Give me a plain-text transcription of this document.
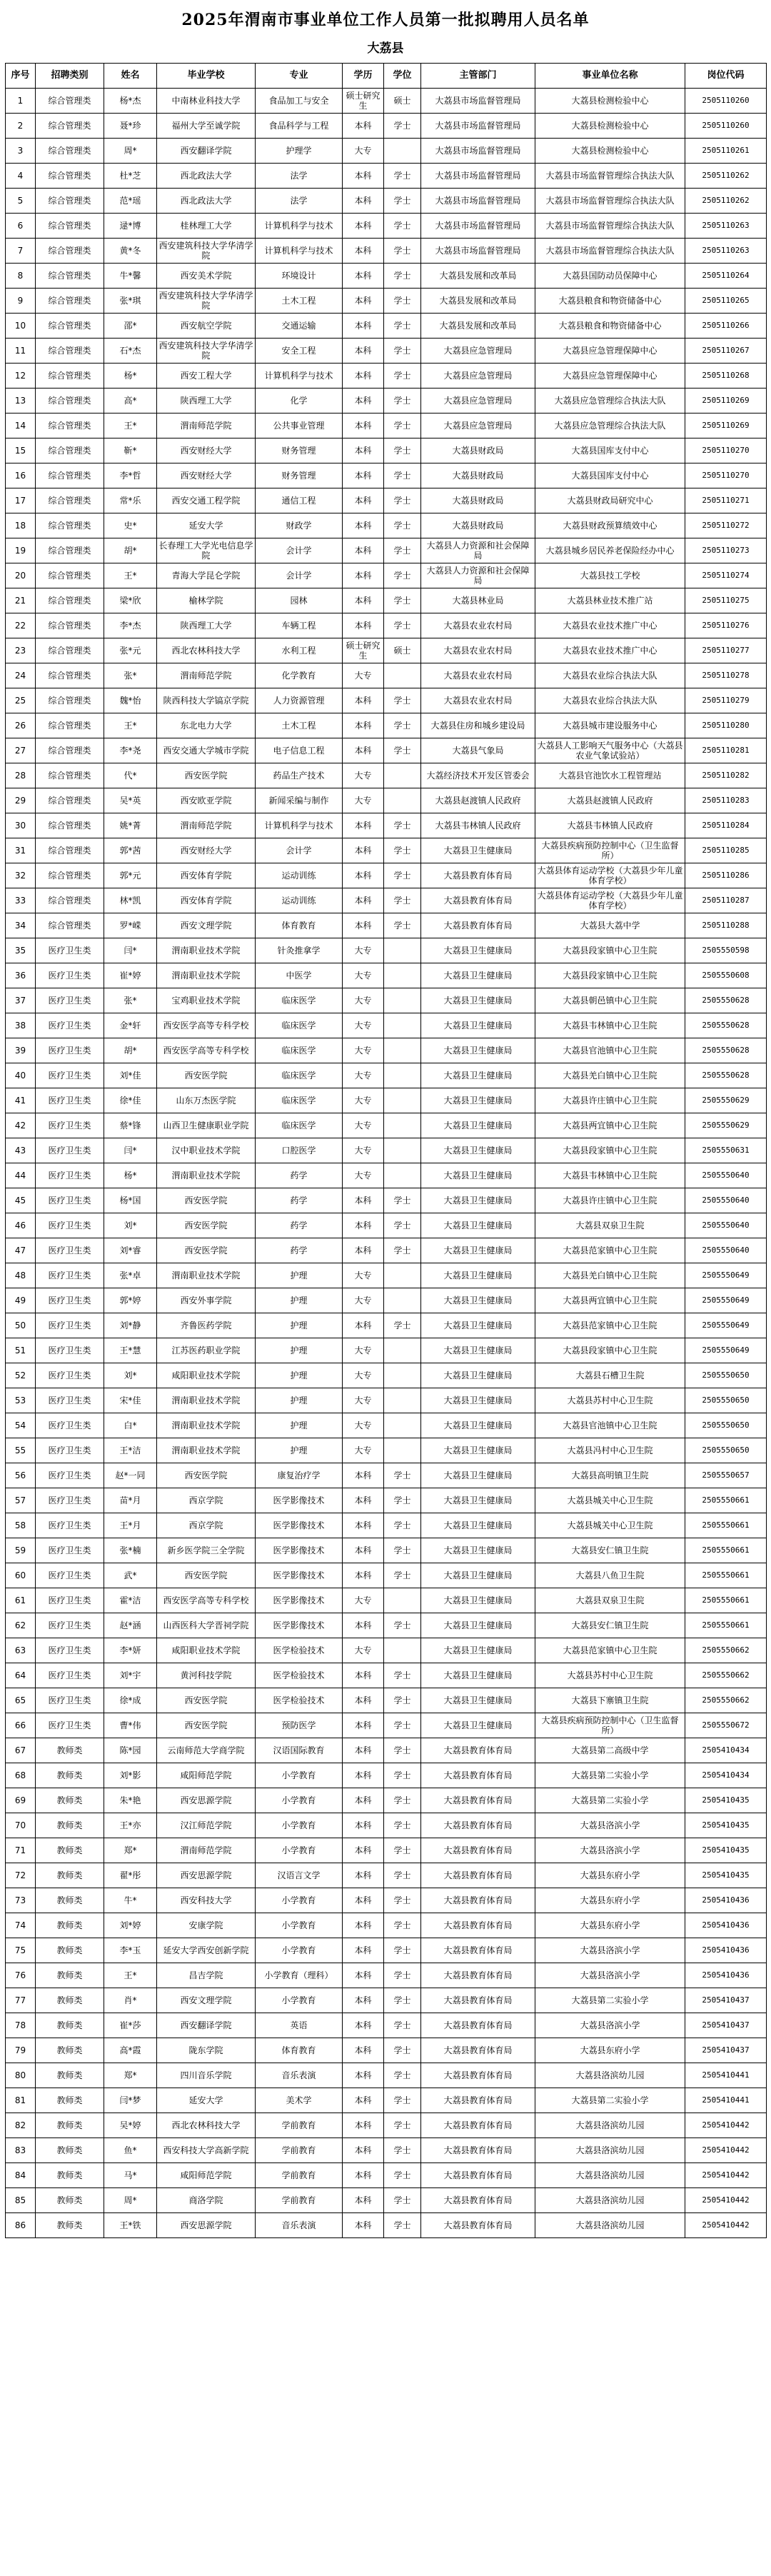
2025年渭南市事业单位工作人员第一批拟聘用人员名单
大荔县
序号	招聘类别	姓名	毕业学校	专业	学历	学位	主管部门	事业单位名称	岗位代码
1	综合管理类	杨*杰	中南林业科技大学	食品加工与安全	硕士研究生	硕士	大荔县市场监督管理局	大荔县检测检验中心	2505110260
2	综合管理类	聂*珍	福州大学至诚学院	食品科学与工程	本科	学士	大荔县市场监督管理局	大荔县检测检验中心	2505110260
3	综合管理类	周*	西安翻译学院	护理学	大专		大荔县市场监督管理局	大荔县检测检验中心	2505110261
4	综合管理类	杜*芝	西北政法大学	法学	本科	学士	大荔县市场监督管理局	大荔县市场监督管理综合执法大队	2505110262
5	综合管理类	范*瑶	西北政法大学	法学	本科	学士	大荔县市场监督管理局	大荔县市场监督管理综合执法大队	2505110262
6	综合管理类	逯*博	桂林理工大学	计算机科学与技术	本科	学士	大荔县市场监督管理局	大荔县市场监督管理综合执法大队	2505110263
7	综合管理类	黄*冬	西安建筑科技大学华清学院	计算机科学与技术	本科	学士	大荔县市场监督管理局	大荔县市场监督管理综合执法大队	2505110263
8	综合管理类	牛*馨	西安美术学院	环境设计	本科	学士	大荔县发展和改革局	大荔县国防动员保障中心	2505110264
9	综合管理类	张*琪	西安建筑科技大学华清学院	土木工程	本科	学士	大荔县发展和改革局	大荔县粮食和物资储备中心	2505110265
10	综合管理类	邵*	西安航空学院	交通运输	本科	学士	大荔县发展和改革局	大荔县粮食和物资储备中心	2505110266
11	综合管理类	石*杰	西安建筑科技大学华清学院	安全工程	本科	学士	大荔县应急管理局	大荔县应急管理保障中心	2505110267
12	综合管理类	杨*	西安工程大学	计算机科学与技术	本科	学士	大荔县应急管理局	大荔县应急管理保障中心	2505110268
13	综合管理类	高*	陕西理工大学	化学	本科	学士	大荔县应急管理局	大荔县应急管理综合执法大队	2505110269
14	综合管理类	王*	渭南师范学院	公共事业管理	本科	学士	大荔县应急管理局	大荔县应急管理综合执法大队	2505110269
15	综合管理类	靳*	西安财经大学	财务管理	本科	学士	大荔县财政局	大荔县国库支付中心	2505110270
16	综合管理类	李*哲	西安财经大学	财务管理	本科	学士	大荔县财政局	大荔县国库支付中心	2505110270
17	综合管理类	常*乐	西安交通工程学院	通信工程	本科	学士	大荔县财政局	大荔县财政局研究中心	2505110271
18	综合管理类	史*	延安大学	财政学	本科	学士	大荔县财政局	大荔县财政预算绩效中心	2505110272
19	综合管理类	胡*	长春理工大学光电信息学院	会计学	本科	学士	大荔县人力资源和社会保障局	大荔县城乡居民养老保险经办中心	2505110273
20	综合管理类	王*	青海大学昆仑学院	会计学	本科	学士	大荔县人力资源和社会保障局	大荔县技工学校	2505110274
21	综合管理类	梁*欣	榆林学院	园林	本科	学士	大荔县林业局	大荔县林业技术推广站	2505110275
22	综合管理类	李*杰	陕西理工大学	车辆工程	本科	学士	大荔县农业农村局	大荔县农业技术推广中心	2505110276
23	综合管理类	张*元	西北农林科技大学	水利工程	硕士研究生	硕士	大荔县农业农村局	大荔县农业技术推广中心	2505110277
24	综合管理类	张*	渭南师范学院	化学教育	大专		大荔县农业农村局	大荔县农业综合执法大队	2505110278
25	综合管理类	魏*怡	陕西科技大学镐京学院	人力资源管理	本科	学士	大荔县农业农村局	大荔县农业综合执法大队	2505110279
26	综合管理类	王*	东北电力大学	土木工程	本科	学士	大荔县住房和城乡建设局	大荔县城市建设服务中心	2505110280
27	综合管理类	李*尧	西安交通大学城市学院	电子信息工程	本科	学士	大荔县气象局	大荔县人工影响天气服务中心（大荔县农业气象试验站）	2505110281
28	综合管理类	代*	西安医学院	药品生产技术	大专		大荔经济技术开发区管委会	大荔县官池饮水工程管理站	2505110282
29	综合管理类	吴*英	西安欧亚学院	新闻采编与制作	大专		大荔县赵渡镇人民政府	大荔县赵渡镇人民政府	2505110283
30	综合管理类	姚*菁	渭南师范学院	计算机科学与技术	本科	学士	大荔县韦林镇人民政府	大荔县韦林镇人民政府	2505110284
31	综合管理类	郭*茜	西安财经大学	会计学	本科	学士	大荔县卫生健康局	大荔县疾病预防控制中心（卫生监督所）	2505110285
32	综合管理类	郭*元	西安体育学院	运动训练	本科	学士	大荔县教育体育局	大荔县体育运动学校（大荔县少年儿童体育学校）	2505110286
33	综合管理类	林*凯	西安体育学院	运动训练	本科	学士	大荔县教育体育局	大荔县体育运动学校（大荔县少年儿童体育学校）	2505110287
34	综合管理类	罗*嵘	西安文理学院	体育教育	本科	学士	大荔县教育体育局	大荔县大荔中学	2505110288
35	医疗卫生类	闫*	渭南职业技术学院	针灸推拿学	大专		大荔县卫生健康局	大荔县段家镇中心卫生院	2505550598
36	医疗卫生类	崔*婷	渭南职业技术学院	中医学	大专		大荔县卫生健康局	大荔县段家镇中心卫生院	2505550608
37	医疗卫生类	张*	宝鸡职业技术学院	临床医学	大专		大荔县卫生健康局	大荔县朝邑镇中心卫生院	2505550628
38	医疗卫生类	金*轩	西安医学高等专科学校	临床医学	大专		大荔县卫生健康局	大荔县韦林镇中心卫生院	2505550628
39	医疗卫生类	胡*	西安医学高等专科学校	临床医学	大专		大荔县卫生健康局	大荔县官池镇中心卫生院	2505550628
40	医疗卫生类	刘*佳	西安医学院	临床医学	大专		大荔县卫生健康局	大荔县羌白镇中心卫生院	2505550628
41	医疗卫生类	徐*佳	山东万杰医学院	临床医学	大专		大荔县卫生健康局	大荔县许庄镇中心卫生院	2505550629
42	医疗卫生类	蔡*锋	山西卫生健康职业学院	临床医学	大专		大荔县卫生健康局	大荔县两宜镇中心卫生院	2505550629
43	医疗卫生类	闫*	汉中职业技术学院	口腔医学	大专		大荔县卫生健康局	大荔县段家镇中心卫生院	2505550631
44	医疗卫生类	杨*	渭南职业技术学院	药学	大专		大荔县卫生健康局	大荔县韦林镇中心卫生院	2505550640
45	医疗卫生类	杨*国	西安医学院	药学	本科	学士	大荔县卫生健康局	大荔县许庄镇中心卫生院	2505550640
46	医疗卫生类	刘*	西安医学院	药学	本科	学士	大荔县卫生健康局	大荔县双泉卫生院	2505550640
47	医疗卫生类	刘*睿	西安医学院	药学	本科	学士	大荔县卫生健康局	大荔县范家镇中心卫生院	2505550640
48	医疗卫生类	张*卓	渭南职业技术学院	护理	大专		大荔县卫生健康局	大荔县羌白镇中心卫生院	2505550649
49	医疗卫生类	郭*婷	西安外事学院	护理	大专		大荔县卫生健康局	大荔县两宜镇中心卫生院	2505550649
50	医疗卫生类	刘*静	齐鲁医药学院	护理	本科	学士	大荔县卫生健康局	大荔县范家镇中心卫生院	2505550649
51	医疗卫生类	王*慧	江苏医药职业学院	护理	大专		大荔县卫生健康局	大荔县段家镇中心卫生院	2505550649
52	医疗卫生类	刘*	咸阳职业技术学院	护理	大专		大荔县卫生健康局	大荔县石槽卫生院	2505550650
53	医疗卫生类	宋*佳	渭南职业技术学院	护理	大专		大荔县卫生健康局	大荔县苏村中心卫生院	2505550650
54	医疗卫生类	白*	渭南职业技术学院	护理	大专		大荔县卫生健康局	大荔县官池镇中心卫生院	2505550650
55	医疗卫生类	王*洁	渭南职业技术学院	护理	大专		大荔县卫生健康局	大荔县冯村中心卫生院	2505550650
56	医疗卫生类	赵*一同	西安医学院	康复治疗学	本科	学士	大荔县卫生健康局	大荔县高明镇卫生院	2505550657
57	医疗卫生类	苗*月	西京学院	医学影像技术	本科	学士	大荔县卫生健康局	大荔县城关中心卫生院	2505550661
58	医疗卫生类	王*月	西京学院	医学影像技术	本科	学士	大荔县卫生健康局	大荔县城关中心卫生院	2505550661
59	医疗卫生类	张*楠	新乡医学院三全学院	医学影像技术	本科	学士	大荔县卫生健康局	大荔县安仁镇卫生院	2505550661
60	医疗卫生类	武*	西安医学院	医学影像技术	本科	学士	大荔县卫生健康局	大荔县八鱼卫生院	2505550661
61	医疗卫生类	霍*洁	西安医学高等专科学校	医学影像技术	大专		大荔县卫生健康局	大荔县双泉卫生院	2505550661
62	医疗卫生类	赵*涵	山西医科大学晋祠学院	医学影像技术	本科	学士	大荔县卫生健康局	大荔县安仁镇卫生院	2505550661
63	医疗卫生类	李*妍	咸阳职业技术学院	医学检验技术	大专		大荔县卫生健康局	大荔县范家镇中心卫生院	2505550662
64	医疗卫生类	刘*宇	黄河科技学院	医学检验技术	本科	学士	大荔县卫生健康局	大荔县苏村中心卫生院	2505550662
65	医疗卫生类	徐*成	西安医学院	医学检验技术	本科	学士	大荔县卫生健康局	大荔县下寨镇卫生院	2505550662
66	医疗卫生类	曹*伟	西安医学院	预防医学	本科	学士	大荔县卫生健康局	大荔县疾病预防控制中心（卫生监督所）	2505550672
67	教师类	陈*园	云南师范大学商学院	汉语国际教育	本科	学士	大荔县教育体育局	大荔县第二高级中学	2505410434
68	教师类	刘*影	咸阳师范学院	小学教育	本科	学士	大荔县教育体育局	大荔县第二实验小学	2505410434
69	教师类	朱*艳	西安思源学院	小学教育	本科	学士	大荔县教育体育局	大荔县第二实验小学	2505410435
70	教师类	王*亦	汉江师范学院	小学教育	本科	学士	大荔县教育体育局	大荔县洛滨小学	2505410435
71	教师类	郑*	渭南师范学院	小学教育	本科	学士	大荔县教育体育局	大荔县洛滨小学	2505410435
72	教师类	翟*彤	西安思源学院	汉语言文学	本科	学士	大荔县教育体育局	大荔县东府小学	2505410435
73	教师类	牛*	西安科技大学	小学教育	本科	学士	大荔县教育体育局	大荔县东府小学	2505410436
74	教师类	刘*婷	安康学院	小学教育	本科	学士	大荔县教育体育局	大荔县东府小学	2505410436
75	教师类	李*玉	延安大学西安创新学院	小学教育	本科	学士	大荔县教育体育局	大荔县洛滨小学	2505410436
76	教师类	王*	昌吉学院	小学教育（理科）	本科	学士	大荔县教育体育局	大荔县洛滨小学	2505410436
77	教师类	肖*	西安文理学院	小学教育	本科	学士	大荔县教育体育局	大荔县第二实验小学	2505410437
78	教师类	崔*莎	西安翻译学院	英语	本科	学士	大荔县教育体育局	大荔县洛滨小学	2505410437
79	教师类	高*霞	陇东学院	体育教育	本科	学士	大荔县教育体育局	大荔县东府小学	2505410437
80	教师类	郑*	四川音乐学院	音乐表演	本科	学士	大荔县教育体育局	大荔县洛滨幼儿园	2505410441
81	教师类	闫*梦	延安大学	美术学	本科	学士	大荔县教育体育局	大荔县第二实验小学	2505410441
82	教师类	吴*婷	西北农林科技大学	学前教育	本科	学士	大荔县教育体育局	大荔县洛滨幼儿园	2505410442
83	教师类	鱼*	西安科技大学高新学院	学前教育	本科	学士	大荔县教育体育局	大荔县洛滨幼儿园	2505410442
84	教师类	马*	咸阳师范学院	学前教育	本科	学士	大荔县教育体育局	大荔县洛滨幼儿园	2505410442
85	教师类	周*	商洛学院	学前教育	本科	学士	大荔县教育体育局	大荔县洛滨幼儿园	2505410442
86	教师类	王*铁	西安思源学院	音乐表演	本科	学士	大荔县教育体育局	大荔县洛滨幼儿园	2505410442
